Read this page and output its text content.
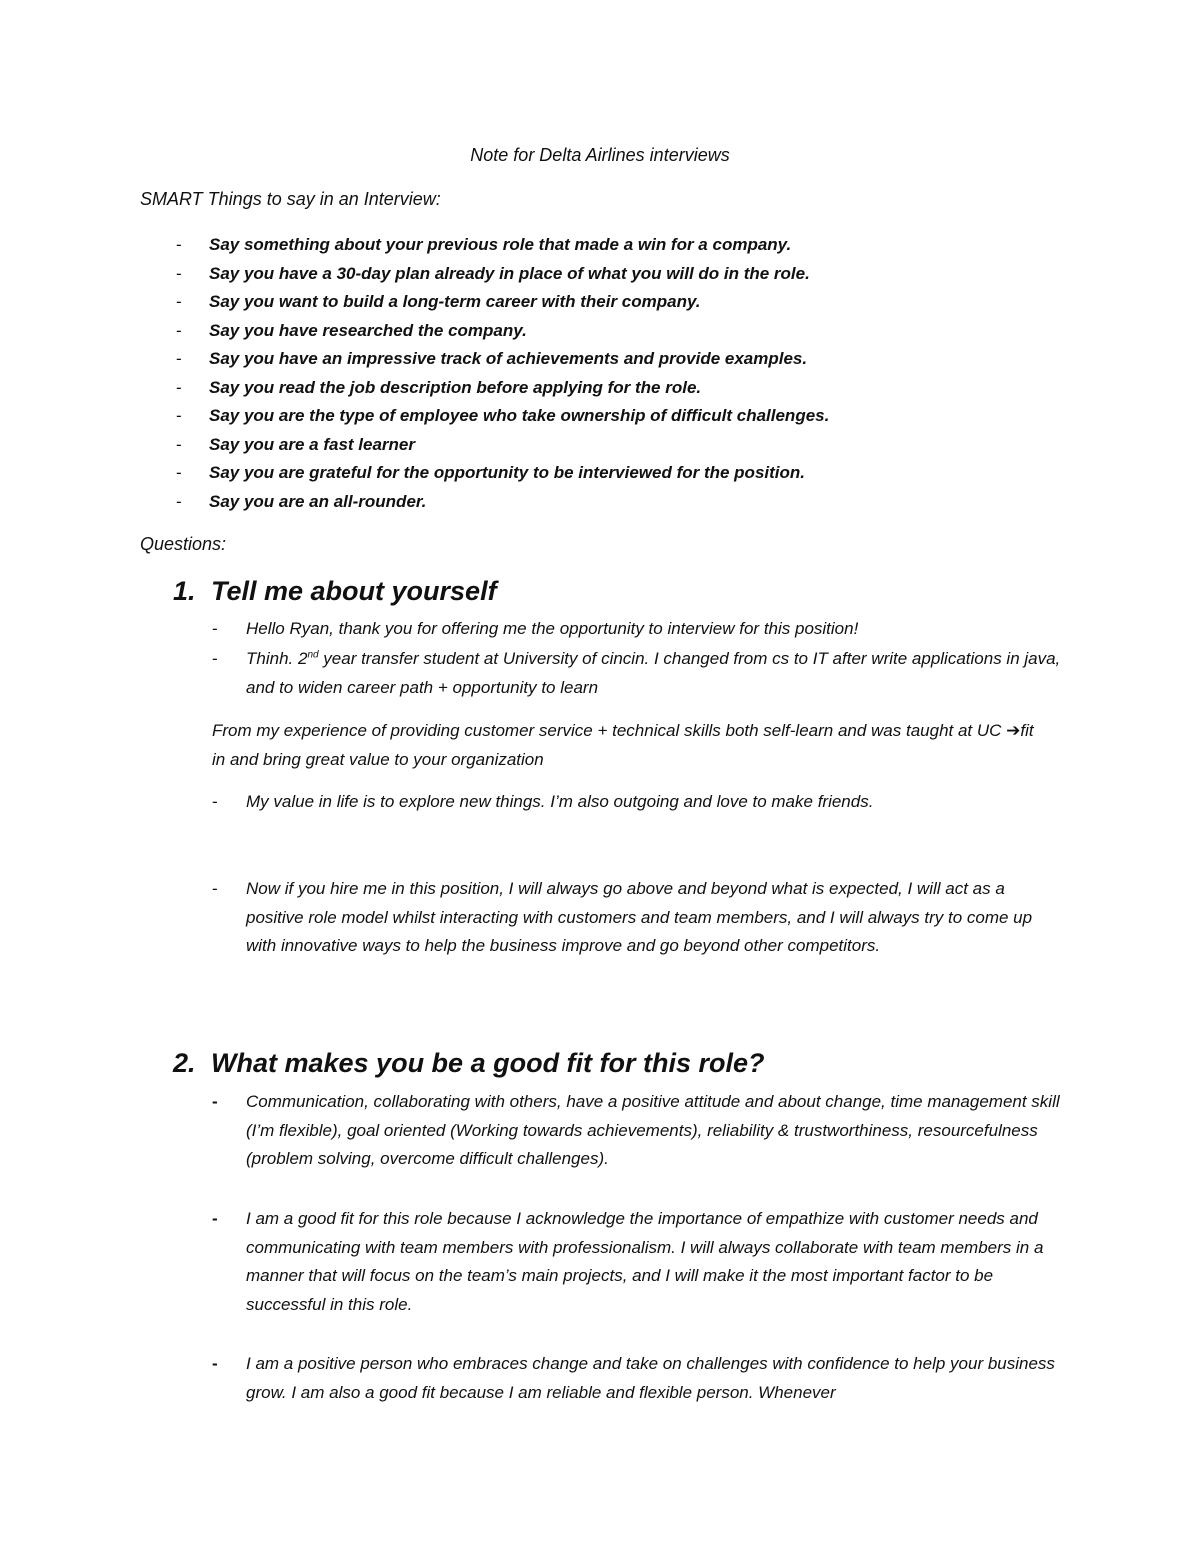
Note for Delta Airlines interviews
SMART Things to say in an Interview:
- Say something about your previous role that made a win for a company.
- Say you have a 30-day plan already in place of what you will do in the role.
- Say you want to build a long-term career with their company.
- Say you have researched the company.
- Say you have an impressive track of achievements and provide examples.
- Say you read the job description before applying for the role.
- Say you are the type of employee who take ownership of difficult challenges.
- Say you are a fast learner
- Say you are grateful for the opportunity to be interviewed for the position.
- Say you are an all-rounder.
Questions:
1. Tell me about yourself
- Hello Ryan, thank you for offering me the opportunity to interview for this position!
- Thinh. 2nd year transfer student at University of cincin. I changed from cs to IT after write applications in java, and to widen career path + opportunity to learn
From my experience of providing customer service + technical skills both self-learn and was taught at UC ➔fit in and bring great value to your organization
- My value in life is to explore new things. I’m also outgoing and love to make friends.
- Now if you hire me in this position, I will always go above and beyond what is expected, I will act as a positive role model whilst interacting with customers and team members, and I will always try to come up with innovative ways to help the business improve and go beyond other competitors.
2. What makes you be a good fit for this role?
- Communication, collaborating with others, have a positive attitude and about change, time management skill (I’m flexible), goal oriented (Working towards achievements), reliability & trustworthiness, resourcefulness (problem solving, overcome difficult challenges).
- I am a good fit for this role because I acknowledge the importance of empathize with customer needs and communicating with team members with professionalism. I will always collaborate with team members in a manner that will focus on the team’s main projects, and I will make it the most important factor to be successful in this role.
- I am a positive person who embraces change and take on challenges with confidence to help your business grow. I am also a good fit because I am reliable and flexible person. Whenever
